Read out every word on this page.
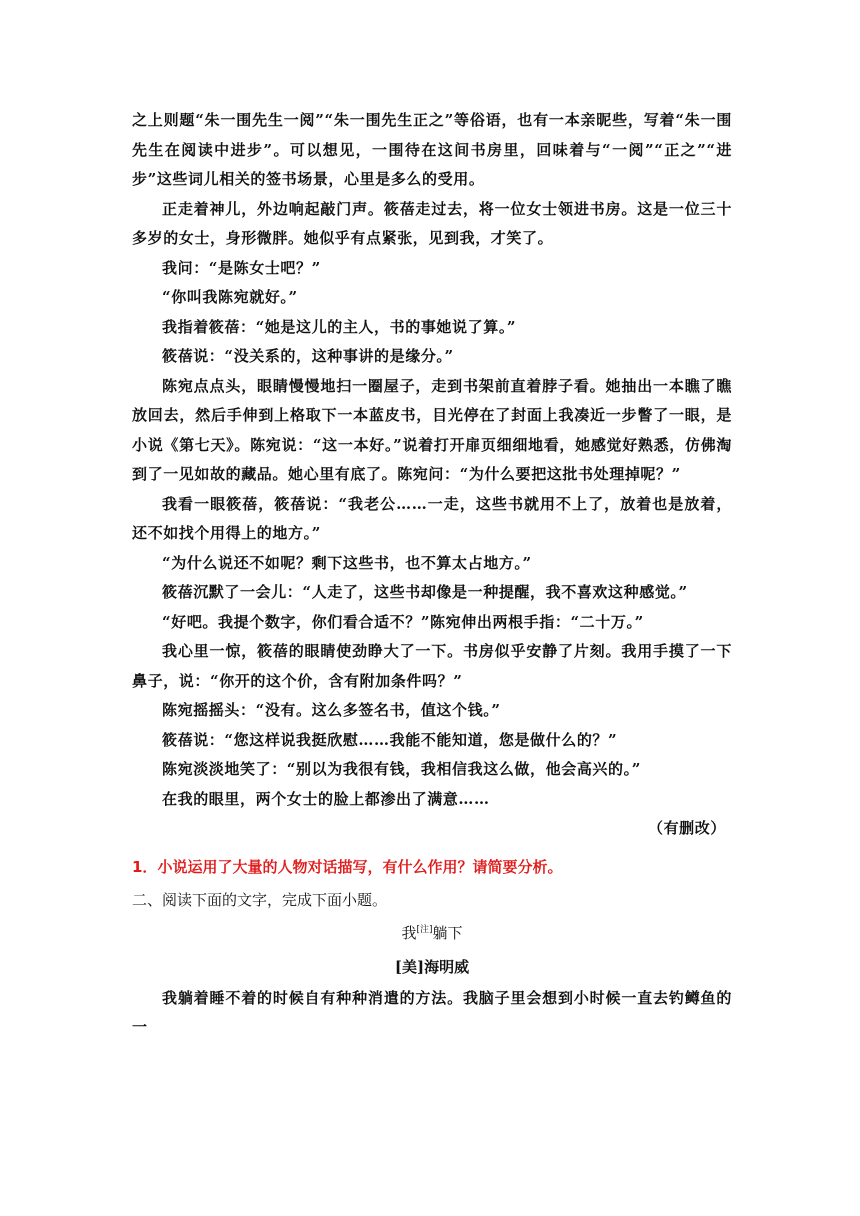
之上则题“朱一围先生一阅”“朱一围先生正之”等俗语，也有一本亲昵些，写着“朱一围先生在阅读中进步”。可以想见，一围待在这间书房里，回味着与“一阅”“正之”“进步”这些词儿相关的签书场景，心里是多么的受用。

正走着神儿，外边响起敲门声。筱蓓走过去，将一位女士领进书房。这是一位三十多岁的女士，身形微胖。她似乎有点紧张，见到我，才笑了。

我问：“是陈女士吧？”

“你叫我陈宛就好。”

我指着筱蓓：“她是这儿的主人，书的事她说了算。”

筱蓓说：“没关系的，这种事讲的是缘分。”

陈宛点点头，眼睛慢慢地扫一圈屋子，走到书架前直着脖子看。她抽出一本瞧了瞧放回去，然后手伸到上格取下一本蓝皮书，目光停在了封面上我凑近一步瞥了一眼，是小说《第七天》。陈宛说：“这一本好。”说着打开扉页细细地看，她感觉好熟悉，仿佛淘到了一见如故的藏品。她心里有底了。陈宛问：“为什么要把这批书处理掉呢？”

我看一眼筱蓓，筱蓓说：“我老公……一走，这些书就用不上了，放着也是放着，还不如找个用得上的地方。”

“为什么说还不如呢？剩下这些书，也不算太占地方。”

筱蓓沉默了一会儿：“人走了，这些书却像是一种提醒，我不喜欢这种感觉。”

“好吧。我提个数字，你们看合适不？”陈宛伸出两根手指：“二十万。”

我心里一惊，筱蓓的眼睛使劲睁大了一下。书房似乎安静了片刻。我用手摸了一下鼻子，说：“你开的这个价，含有附加条件吗？”

陈宛摇摇头：“没有。这么多签名书，值这个钱。”

筱蓓说：“您这样说我挺欣慰……我能不能知道，您是做什么的？”

陈宛淡淡地笑了：“别以为我很有钱，我相信我这么做，他会高兴的。”

在我的眼里，两个女士的脸上都渗出了满意……

（有删改）

1．小说运用了大量的人物对话描写，有什么作用？请简要分析。

二、阅读下面的文字，完成下面小题。

我[注]躺下

[美]海明威

我躺着睡不着的时候自有种种消遣的方法。我脑子里会想到小时候一直去钓鳟鱼的一
